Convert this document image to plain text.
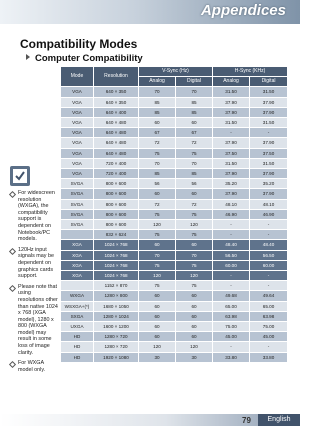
Appendices
Compatibility Modes
Computer Compatibility
Mode	Resolution	V-Sync (Hz)		H-Sync (KHz)	
		Analog	Digital	Analog	Digital
VGA	640 × 350	70	70	31.50	31.50
VGA	640 × 350	85	85	37.90	37.90
VGA	640 × 400	85	85	37.90	37.90
VGA	640 × 480	60	60	31.50	31.50
VGA	640 × 480	67	67	-	-
VGA	640 × 480	72	72	37.90	37.90
VGA	640 × 480	75	75	37.50	37.50
VGA	720 × 400	70	70	31.50	31.50
VGA	720 × 400	85	85	37.90	37.90
SVGA	800 × 600	56	56	35.20	35.20
SVGA	800 × 600	60	60	37.90	37.90
SVGA	800 × 600	72	72	48.10	48.10
SVGA	800 × 600	75	75	46.90	46.90
SVGA	800 × 600	120	120	-	-
	832 × 624	75	75	-	-
XGA	1024 × 768	60	60	48.40	48.40
XGA	1024 × 768	70	70	56.50	56.50
XGA	1024 × 768	75	75	60.00	60.00
XGA	1024 × 768	120	120	-	-
	1152 × 870	75	75	-	-
WXGA	1280 × 800	60	60	49.68	49.64
WSXGA+(*)	1680 × 1050	60	60	65.00	65.00
SXGA	1280 × 1024	60	60	63.98	63.98
UXGA	1600 × 1200	60	60	75.00	75.00
HD	1280 × 720	60	60	45.00	45.00
HD	1280 × 720	120	120	-	-
HD	1920 × 1080	30	30	33.80	33.80
For widescreen resolution (WXGA), the compatibility support is dependent on Notebook/PC models.
120Hz input signals may be dependent on graphics cards support.
Please note that using resolutions other than native 1024 x 768 (XGA model), 1280 x 800 (WXGA model) may result in some loss of image clarity.
For WXGA model only.
79	English
